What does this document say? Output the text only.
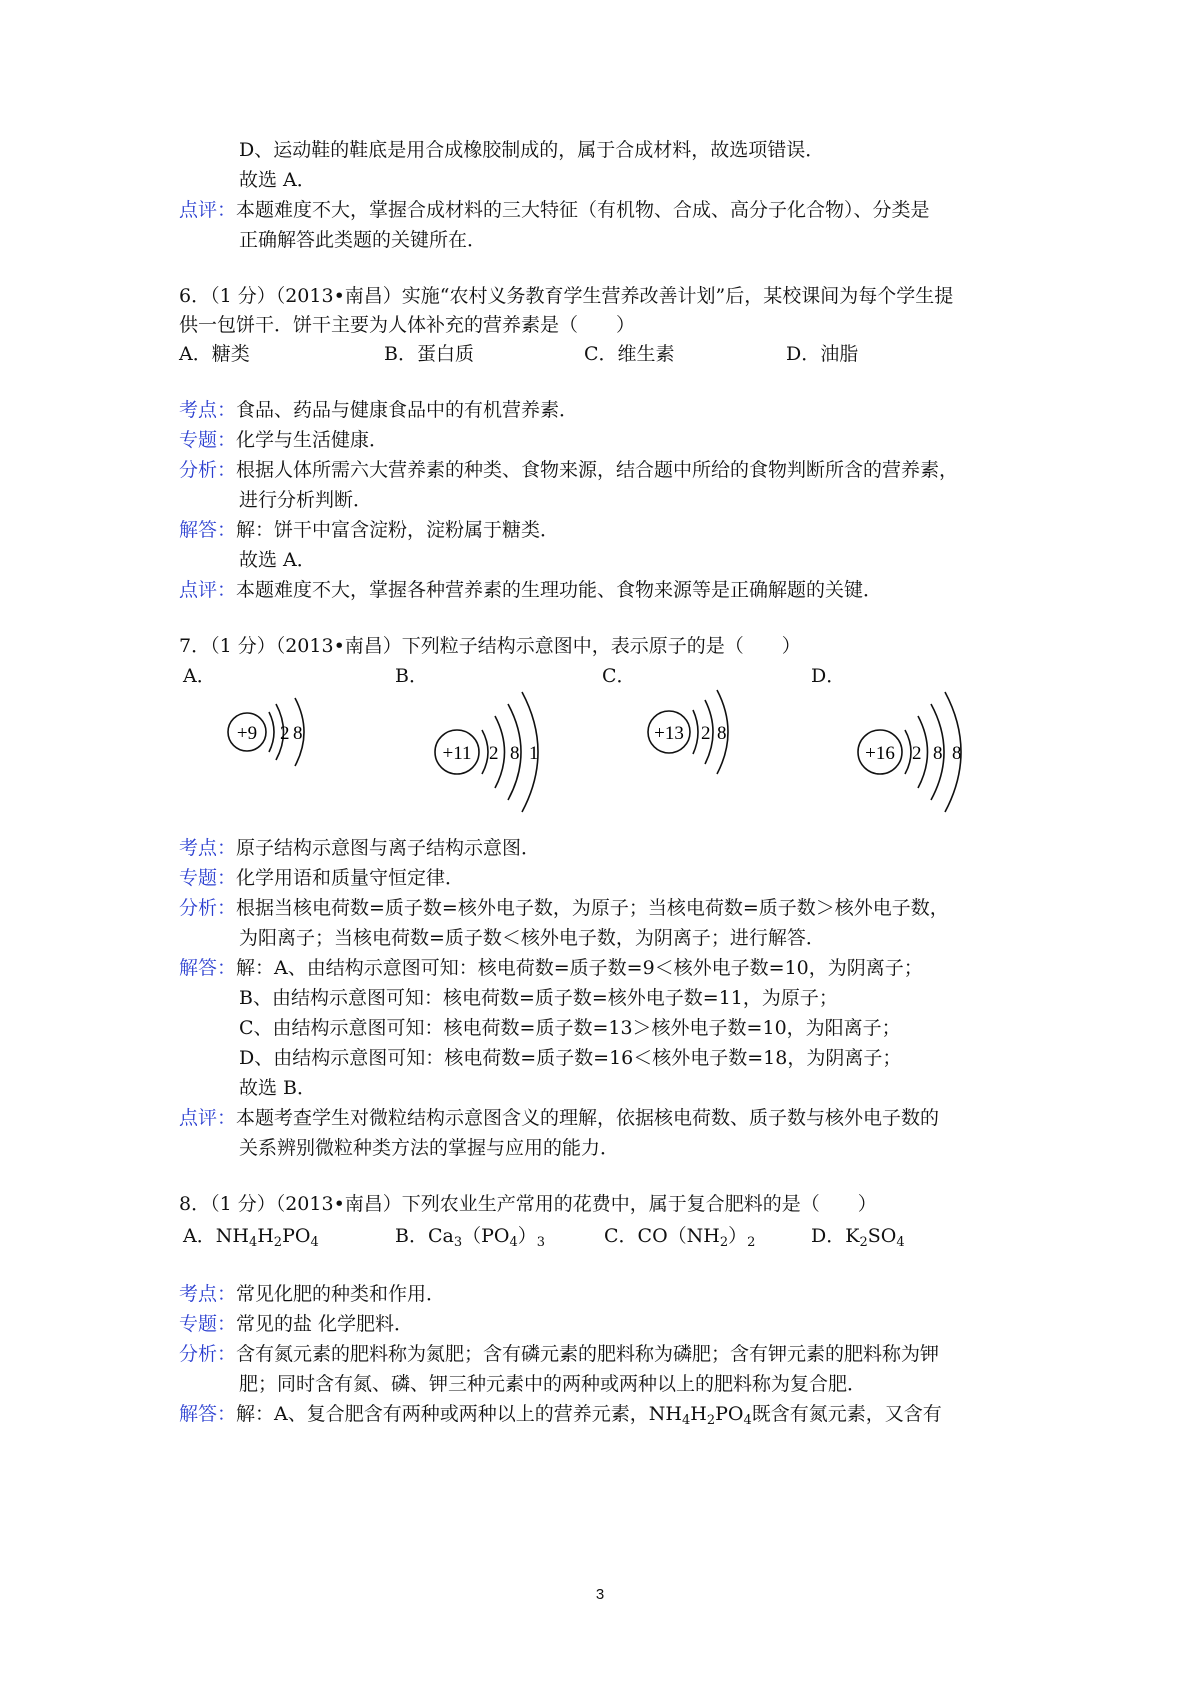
D、运动鞋的鞋底是用合成橡胶制成的，属于合成材料，故选项错误．
故选 A．
点评：本题难度不大，掌握合成材料的三大特征（有机物、合成、高分子化合物）、分类是
正确解答此类题的关键所在．
6．（1 分）（2013•南昌）实施“农村义务教育学生营养改善计划”后，某校课间为每个学生提
供一包饼干．饼干主要为人体补充的营养素是（　　）
A．糖类	B．蛋白质	C．维生素	D．油脂
考点：食品、药品与健康食品中的有机营养素．
专题：化学与生活健康．
分析：根据人体所需六大营养素的种类、食物来源，结合题中所给的食物判断所含的营养素，
进行分析判断．
解答：解：饼干中富含淀粉，淀粉属于糖类．
故选 A．
点评：本题难度不大，掌握各种营养素的生理功能、食物来源等是正确解题的关键．
7．（1 分）（2013•南昌）下列粒子结构示意图中，表示原子的是（　　）
A．	B．	C．	D．
+9 2 8
+11 2 8 1
+13 2 8
+16 2 8 8
考点：原子结构示意图与离子结构示意图．
专题：化学用语和质量守恒定律．
分析：根据当核电荷数=质子数=核外电子数，为原子；当核电荷数=质子数＞核外电子数，
为阳离子；当核电荷数=质子数＜核外电子数，为阴离子；进行解答．
解答：解：A、由结构示意图可知：核电荷数=质子数=9＜核外电子数=10，为阴离子；
B、由结构示意图可知：核电荷数=质子数=核外电子数=11，为原子；
C、由结构示意图可知：核电荷数=质子数=13＞核外电子数=10，为阳离子；
D、由结构示意图可知：核电荷数=质子数=16＜核外电子数=18，为阴离子；
故选 B．
点评：本题考查学生对微粒结构示意图含义的理解，依据核电荷数、质子数与核外电子数的
关系辨别微粒种类方法的掌握与应用的能力．
8．（1 分）（2013•南昌）下列农业生产常用的花费中，属于复合肥料的是（　　）
A．$NH_4H_2PO_4$	B．$Ca_3(PO_4)_3$	C．$CO(NH_2)_2$	D．$K_2SO_4$
考点：常见化肥的种类和作用．
专题：常见的盐 化学肥料．
分析：含有氮元素的肥料称为氮肥；含有磷元素的肥料称为磷肥；含有钾元素的肥料称为钾
肥；同时含有氮、磷、钾三种元素中的两种或两种以上的肥料称为复合肥．
解答：解：A、复合肥含有两种或两种以上的营养元素，$NH_4H_2PO_4$既含有氮元素，又含有
3
